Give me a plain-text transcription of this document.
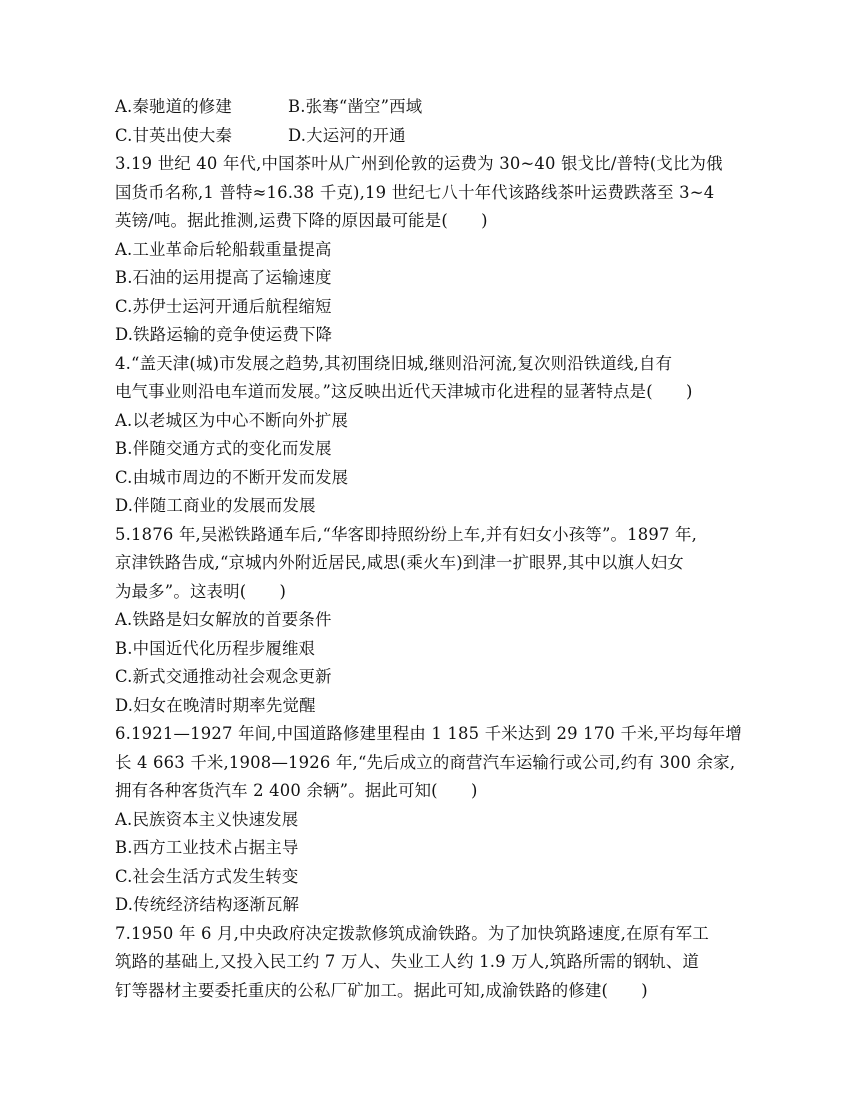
A.秦驰道的修建	B.张骞“凿空”西域
C.甘英出使大秦	D.大运河的开通
3.19 世纪 40 年代,中国茶叶从广州到伦敦的运费为 30~40 银戈比/普特(戈比为俄
国货币名称,1 普特≈16.38 千克),19 世纪七八十年代该路线茶叶运费跌落至 3~4
英镑/吨。据此推测,运费下降的原因最可能是(　　)
A.工业革命后轮船载重量提高
B.石油的运用提高了运输速度
C.苏伊士运河开通后航程缩短
D.铁路运输的竞争使运费下降
4.“盖天津(城)市发展之趋势,其初围绕旧城,继则沿河流,复次则沿铁道线,自有
电气事业则沿电车道而发展。”这反映出近代天津城市化进程的显著特点是(　　)
A.以老城区为中心不断向外扩展
B.伴随交通方式的变化而发展
C.由城市周边的不断开发而发展
D.伴随工商业的发展而发展
5.1876 年,吴淞铁路通车后,“华客即持照纷纷上车,并有妇女小孩等”。1897 年,
京津铁路告成,“京城内外附近居民,咸思(乘火车)到津一扩眼界,其中以旗人妇女
为最多”。这表明(　　)
A.铁路是妇女解放的首要条件
B.中国近代化历程步履维艰
C.新式交通推动社会观念更新
D.妇女在晚清时期率先觉醒
6.1921—1927 年间,中国道路修建里程由 1 185 千米达到 29 170 千米,平均每年增
长 4 663 千米,1908—1926 年,“先后成立的商营汽车运输行或公司,约有 300 余家,
拥有各种客货汽车 2 400 余辆”。据此可知(　　)
A.民族资本主义快速发展
B.西方工业技术占据主导
C.社会生活方式发生转变
D.传统经济结构逐渐瓦解
7.1950 年 6 月,中央政府决定拨款修筑成渝铁路。为了加快筑路速度,在原有军工
筑路的基础上,又投入民工约 7 万人、失业工人约 1.9 万人,筑路所需的钢轨、道
钉等器材主要委托重庆的公私厂矿加工。据此可知,成渝铁路的修建(　　)
